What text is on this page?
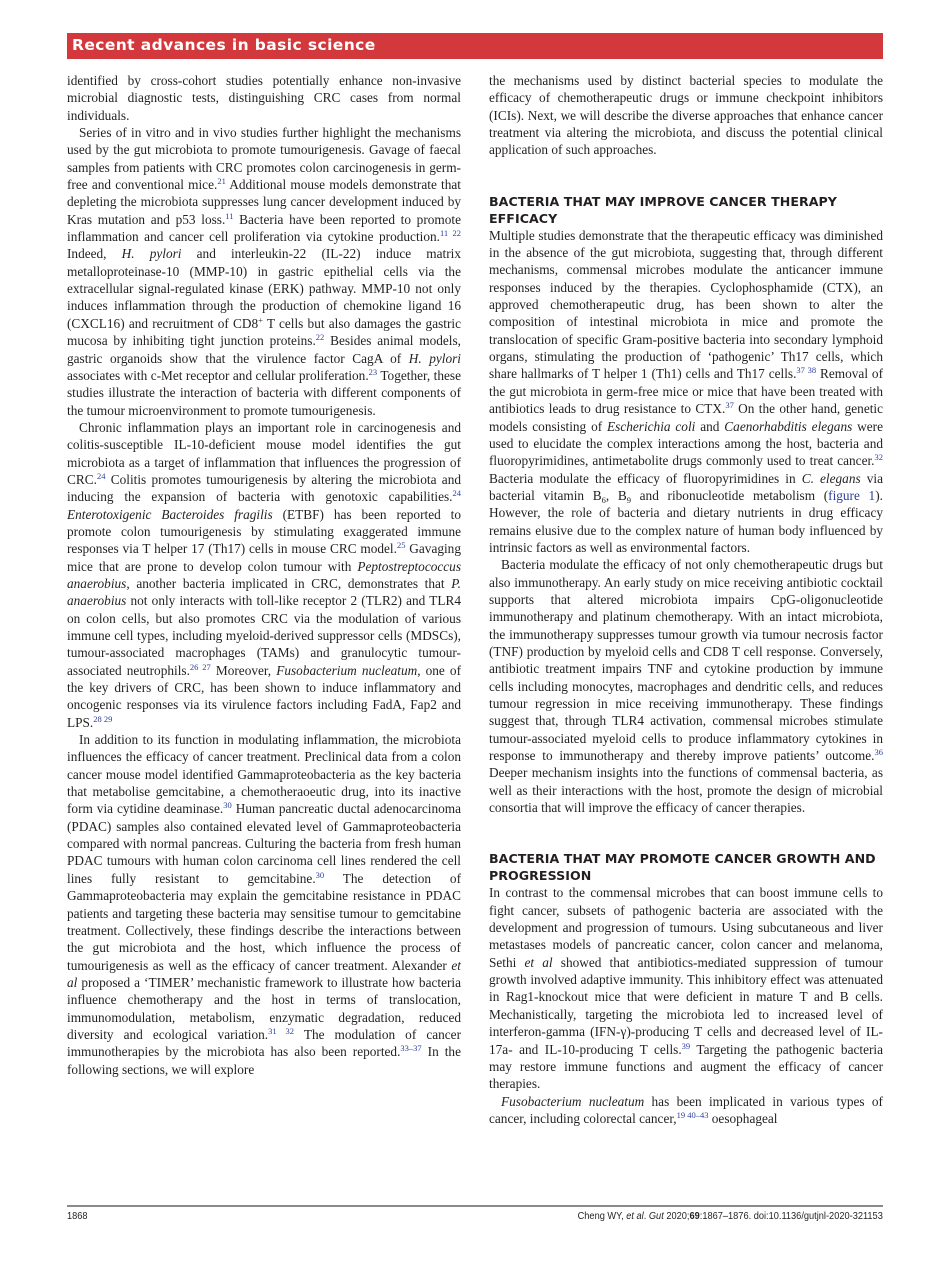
Recent advances in basic science

identified by cross-cohort studies potentially enhance non-invasive microbial diagnostic tests, distinguishing CRC cases from normal individuals.

Series of in vitro and in vivo studies further highlight the mechanisms used by the gut microbiota to promote tumourigenesis. Gavage of faecal samples from patients with CRC promotes colon carcinogenesis in germ-free and conventional mice.$^{21}$ Additional mouse models demonstrate that depleting the microbiota suppresses lung cancer development induced by Kras mutation and p53 loss.$^{11}$ Bacteria have been reported to promote inflammation and cancer cell proliferation via cytokine production.$^{11 22}$ Indeed, H. pylori and interleukin-22 (IL-22) induce matrix metalloproteinase-10 (MMP-10) in gastric epithelial cells via the extracellular signal-regulated kinase (ERK) pathway. MMP-10 not only induces inflammation through the production of chemokine ligand 16 (CXCL16) and recruitment of CD8+ T cells but also damages the gastric mucosa by inhibiting tight junction proteins.$^{22}$ Besides animal models, gastric organoids show that the virulence factor CagA of H. pylori associates with c-Met receptor and cellular proliferation.$^{23}$ Together, these studies illustrate the interaction of bacteria with different components of the tumour microenvironment to promote tumourigenesis.

Chronic inflammation plays an important role in carcinogenesis and colitis-susceptible IL-10-deficient mouse model identifies the gut microbiota as a target of inflammation that influences the progression of CRC.$^{24}$ Colitis promotes tumourigenesis by altering the microbiota and inducing the expansion of bacteria with genotoxic capabilities.$^{24}$ Enterotoxigenic Bacteroides fragilis (ETBF) has been reported to promote colon tumourigenesis by stimulating exaggerated immune responses via T helper 17 (Th17) cells in mouse CRC model.$^{25}$ Gavaging mice that are prone to develop colon tumour with Peptostreptococcus anaerobius, another bacteria implicated in CRC, demonstrates that P. anaerobius not only interacts with toll-like receptor 2 (TLR2) and TLR4 on colon cells, but also promotes CRC via the modulation of various immune cell types, including myeloid-derived suppressor cells (MDSCs), tumour-associated macrophages (TAMs) and granulocytic tumour-associated neutrophils.$^{26 27}$ Moreover, Fusobacterium nucleatum, one of the key drivers of CRC, has been shown to induce inflammatory and oncogenic responses via its virulence factors including FadA, Fap2 and LPS.$^{28 29}$

In addition to its function in modulating inflammation, the microbiota influences the efficacy of cancer treatment. Preclinical data from a colon cancer mouse model identified Gammaproteobacteria as the key bacteria that metabolise gemcitabine, a chemotheraoeutic drug, into its inactive form via cytidine deaminase.$^{30}$ Human pancreatic ductal adenocarcinoma (PDAC) samples also contained elevated level of Gammaproteobacteria compared with normal pancreas. Culturing the bacteria from fresh human PDAC tumours with human colon carcinoma cell lines rendered the cell lines fully resistant to gemcitabine.$^{30}$ The detection of Gammaproteobacteria may explain the gemcitabine resistance in PDAC patients and targeting these bacteria may sensitise tumour to gemcitabine treatment. Collectively, these findings describe the interactions between the gut microbiota and the host, which influence the process of tumourigenesis as well as the efficacy of cancer treatment. Alexander et al proposed a ‘TIMER’ mechanistic framework to illustrate how bacteria influence chemotherapy and the host in terms of translocation, immunomodulation, metabolism, enzymatic degradation, reduced diversity and ecological variation.$^{31 32}$ The modulation of cancer immunotherapies by the microbiota has also been reported.$^{33-37}$ In the following sections, we will explore

the mechanisms used by distinct bacterial species to modulate the efficacy of chemotherapeutic drugs or immune checkpoint inhibitors (ICIs). Next, we will describe the diverse approaches that enhance cancer treatment via altering the microbiota, and discuss the potential clinical application of such approaches.

BACTERIA THAT MAY IMPROVE CANCER THERAPY EFFICACY

Multiple studies demonstrate that the therapeutic efficacy was diminished in the absence of the gut microbiota, suggesting that, through different mechanisms, commensal microbes modulate the anticancer immune responses induced by the therapies. Cyclophosphamide (CTX), an approved chemotherapeutic drug, has been shown to alter the composition of intestinal microbiota in mice and promote the translocation of specific Gram-positive bacteria into secondary lymphoid organs, stimulating the production of ‘pathogenic’ Th17 cells, which share hallmarks of T helper 1 (Th1) cells and Th17 cells.$^{37 38}$ Removal of the gut microbiota in germ-free mice or mice that have been treated with antibiotics leads to drug resistance to CTX.$^{37}$ On the other hand, genetic models consisting of Escherichia coli and Caenorhabditis elegans were used to elucidate the complex interactions among the host, bacteria and fluoropyrimidines, antimetabolite drugs commonly used to treat cancer.$^{32}$ Bacteria modulate the efficacy of fluoropyrimidines in C. elegans via bacterial vitamin $B_6$, $B_9$ and ribonucleotide metabolism (figure 1). However, the role of bacteria and dietary nutrients in drug efficacy remains elusive due to the complex nature of human body influenced by intrinsic factors as well as environmental factors.

Bacteria modulate the efficacy of not only chemotherapeutic drugs but also immunotherapy. An early study on mice receiving antibiotic cocktail supports that altered microbiota impairs CpG-oligonucleotide immunotherapy and platinum chemotherapy. With an intact microbiota, the immunotherapy suppresses tumour growth via tumour necrosis factor (TNF) production by myeloid cells and CD8 T cell response. Conversely, antibiotic treatment impairs TNF and cytokine production by immune cells including monocytes, macrophages and dendritic cells, and reduces tumour regression in mice receiving immunotherapy. These findings suggest that, through TLR4 activation, commensal microbes stimulate tumour-associated myeloid cells to produce inflammatory cytokines in response to immunotherapy and thereby improve patients’ outcome.$^{36}$ Deeper mechanism insights into the functions of commensal bacteria, as well as their interactions with the host, promote the design of microbial consortia that will improve the efficacy of cancer therapies.

BACTERIA THAT MAY PROMOTE CANCER GROWTH AND PROGRESSION

In contrast to the commensal microbes that can boost immune cells to fight cancer, subsets of pathogenic bacteria are associated with the development and progression of tumours. Using subcutaneous and liver metastases models of pancreatic cancer, colon cancer and melanoma, Sethi et al showed that antibiotics-mediated suppression of tumour growth involved adaptive immunity. This inhibitory effect was attenuated in Rag1-knockout mice that were deficient in mature T and B cells. Mechanistically, targeting the microbiota led to increased level of interferon-gamma (IFN-γ)-producing T cells and decreased level of IL-17a- and IL-10-producing T cells.$^{39}$ Targeting the pathogenic bacteria may restore immune functions and augment the efficacy of cancer therapies.

Fusobacterium nucleatum has been implicated in various types of cancer, including colorectal cancer,$^{19 40-43}$ oesophageal

1868	Cheng WY, et al. Gut 2020;69:1867–1876. doi:10.1136/gutjnl-2020-321153
